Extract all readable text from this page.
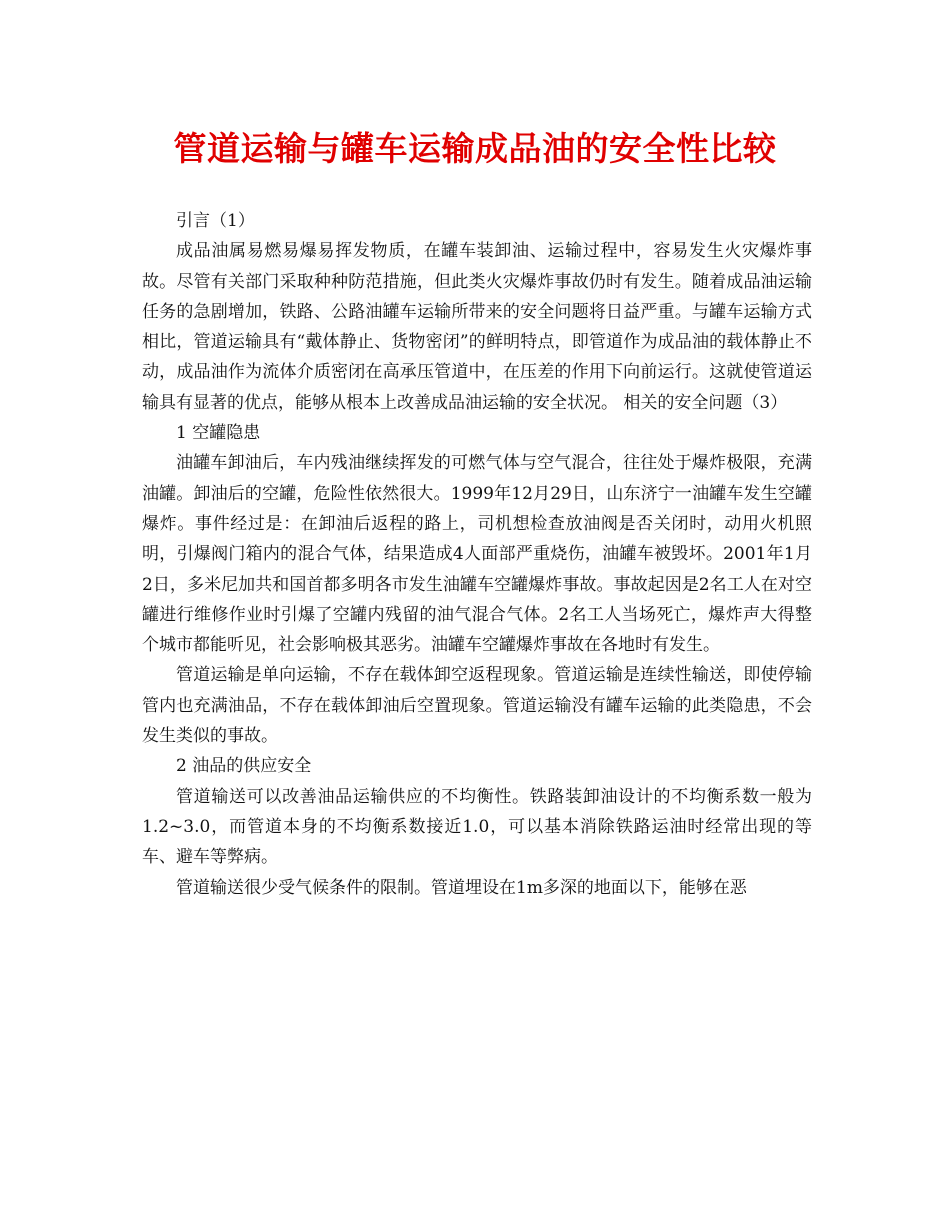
管道运输与罐车运输成品油的安全性比较

引言（1）

成品油属易燃易爆易挥发物质，在罐车装卸油、运输过程中，容易发生火灾爆炸事故。尽管有关部门采取种种防范措施，但此类火灾爆炸事故仍时有发生。随着成品油运输任务的急剧增加，铁路、公路油罐车运输所带来的安全问题将日益严重。与罐车运输方式相比，管道运输具有“戴体静止、货物密闭”的鲜明特点，即管道作为成品油的载体静止不动，成品油作为流体介质密闭在高承压管道中，在压差的作用下向前运行。这就使管道运输具有显著的优点，能够从根本上改善成品油运输的安全状况。 相关的安全问题（3）

1 空罐隐患

油罐车卸油后，车内残油继续挥发的可燃气体与空气混合，往往处于爆炸极限，充满油罐。卸油后的空罐，危险性依然很大。1999年12月29日，山东济宁一油罐车发生空罐爆炸。事件经过是：在卸油后返程的路上，司机想检查放油阀是否关闭时，动用火机照明，引爆阀门箱内的混合气体，结果造成4人面部严重烧伤，油罐车被毁坏。2001年1月2日，多米尼加共和国首都多明各市发生油罐车空罐爆炸事故。事故起因是2名工人在对空罐进行维修作业时引爆了空罐内残留的油气混合气体。2名工人当场死亡，爆炸声大得整个城市都能听见，社会影响极其恶劣。油罐车空罐爆炸事故在各地时有发生。

管道运输是单向运输，不存在载体卸空返程现象。管道运输是连续性输送，即使停输管内也充满油品，不存在载体卸油后空置现象。管道运输没有罐车运输的此类隐患，不会发生类似的事故。

2 油品的供应安全

管道输送可以改善油品运输供应的不均衡性。铁路装卸油设计的不均衡系数一般为1.2~3.0，而管道本身的不均衡系数接近1.0，可以基本消除铁路运油时经常出现的等车、避车等弊病。

管道输送很少受气候条件的限制。管道埋设在1m多深的地面以下，能够在恶
